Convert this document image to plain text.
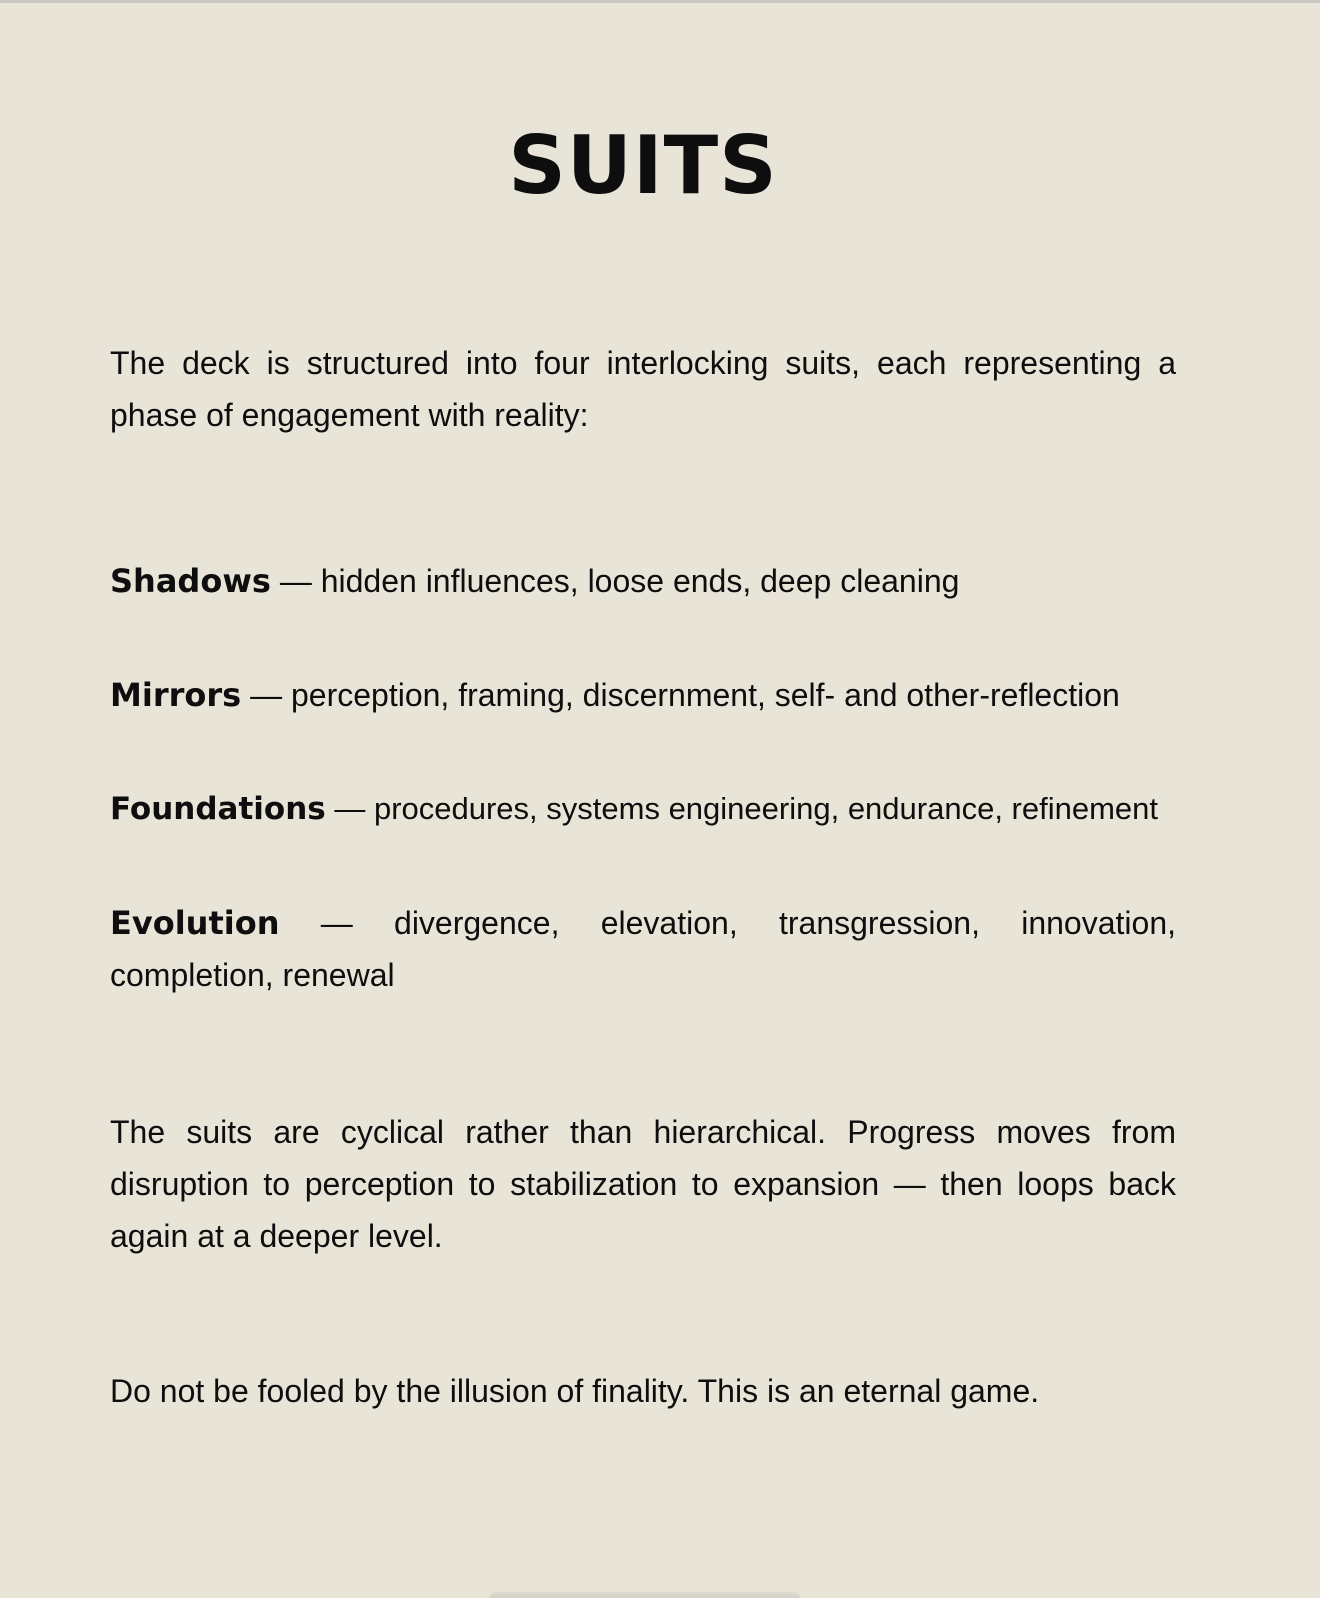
SUITS

The deck is structured into four interlocking suits, each representing a phase of engagement with reality:

Shadows — hidden influences, loose ends, deep cleaning

Mirrors — perception, framing, discernment, self- and other-reflection

Foundations — procedures, systems engineering, endurance, refinement

Evolution — divergence, elevation, transgression, innovation, completion, renewal

The suits are cyclical rather than hierarchical. Progress moves from disruption to perception to stabilization to expansion — then loops back again at a deeper level.

Do not be fooled by the illusion of finality. This is an eternal game.
